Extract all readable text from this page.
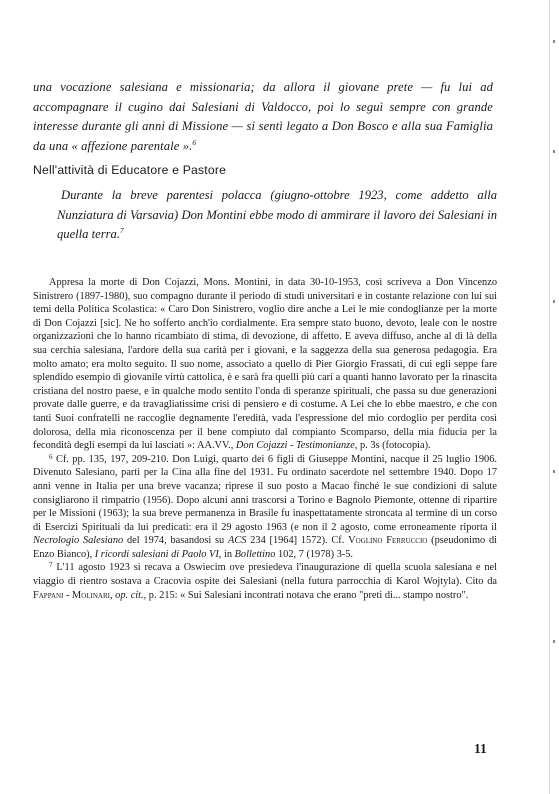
una vocazione salesiana e missionaria; da allora il giovane prete — fu lui ad accompagnare il cugino dai Salesiani di Valdocco, poi lo seguì sempre con grande interesse durante gli anni di Missione — si sentì legato a Don Bosco e alla sua Famiglia da una « affezione parentale ».$^6$

Nell'attività di Educatore e Pastore

Durante la breve parentesi polacca (giugno-ottobre 1923, come addetto alla Nunziatura di Varsavia) Don Montini ebbe modo di ammirare il lavoro dei Salesiani in quella terra.$^7$

Appresa la morte di Don Cojazzi, Mons. Montini, in data 30-10-1953, così scriveva a Don Vincenzo Sinistrero (1897-1980), suo compagno durante il periodo di studi universitari e in costante relazione con lui sui temi della Politica Scolastica: « Caro Don Sinistrero, voglio dire anche a Lei le mie condoglianze per la morte di Don Cojazzi [sic]. Ne ho sofferto anch'io cordialmente. Era sempre stato buono, devoto, leale con le nostre organizzazioni che lo hanno ricambiato di stima, di devozione, di affetto. E aveva diffuso, anche al di là della sua cerchia salesiana, l'ardore della sua carità per i giovani, e la saggezza della sua generosa pedagogia. Era molto amato; era molto seguito. Il suo nome, associato a quello di Pier Giorgio Frassati, di cui egli seppe fare splendido esempio di giovanile virtù cattolica, è e sarà fra quelli più cari a quanti hanno lavorato per la rinascita cristiana del nostro paese, e in qualche modo sentito l'onda di speranze spirituali, che passa su due generazioni provate dalle guerre, e da travagliatissime crisi di pensiero e di costume. A Lei che lo ebbe maestro, e che con tanti Suoi confratelli ne raccoglie degnamente l'eredità, vada l'espressione del mio cordoglio per perdita così dolorosa, della mia riconoscenza per il bene compiuto dal compianto Scomparso, della mia fiducia per la fecondità degli esempi da lui lasciati »: AA.VV., Don Cojazzi - Testimonianze, p. 3s (fotocopia).

$^6$ Cf. pp. 135, 197, 209-210. Don Luigi, quarto dei 6 figli di Giuseppe Montini, nacque il 25 luglio 1906. Divenuto Salesiano, partì per la Cina alla fine del 1931. Fu ordinato sacerdote nel settembre 1940. Dopo 17 anni venne in Italia per una breve vacanza; riprese il suo posto a Macao finché le sue condizioni di salute consigliarono il rimpatrio (1956). Dopo alcuni anni trascorsi a Torino e Bagnolo Piemonte, ottenne di ripartire per le Missioni (1963); la sua breve permanenza in Brasile fu inaspettatamente stroncata al termine di un corso di Esercizi Spirituali da lui predicati: era il 29 agosto 1963 (e non il 2 agosto, come erroneamente riporta il Necrologio Salesiano del 1974, basandosi su ACS 234 [1964] 1572). Cf. Voglino Ferruccio (pseudonimo di Enzo Bianco), I ricordi salesiani di Paolo VI, in Bollettino 102, 7 (1978) 3-5.

$^7$ L'11 agosto 1923 si recava a Oswiecim ove presiedeva l'inaugurazione di quella scuola salesiana e nel viaggio di rientro sostava a Cracovia ospite dei Salesiani (nella futura parrocchia di Karol Wojtyla). Cito da Fappani - Molinari, op. cit., p. 215: « Sui Salesiani incontrati notava che erano "preti di... stampo nostro".

11
